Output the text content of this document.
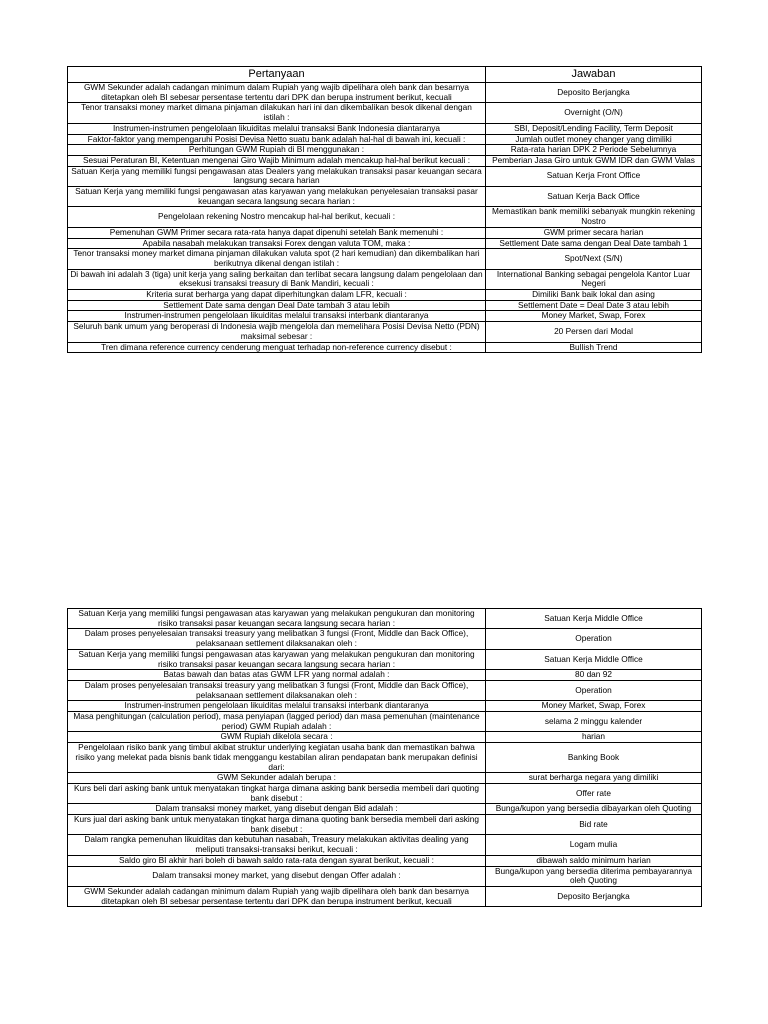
Pertanyaan	Jawaban
GWM Sekunder adalah cadangan minimum dalam Rupiah yang wajib dipelihara oleh bank dan besarnya ditetapkan oleh BI sebesar persentase tertentu dari DPK dan berupa instrument berikut, kecuali	Deposito Berjangka
Tenor transaksi money market dimana pinjaman dilakukan hari ini dan dikembalikan besok dikenal dengan istilah :	Overnight (O/N)
Instrumen-instrumen pengelolaan likuiditas melalui transaksi Bank Indonesia diantaranya	SBI, Deposit/Lending Facility, Term Deposit
Faktor-faktor yang mempengaruhi Posisi Devisa Netto suatu bank adalah hal-hal di bawah ini, kecuali :	Jumlah outlet money changer yang dimiliki
Perhitungan GWM Rupiah di BI menggunakan :	Rata-rata harian DPK 2 Periode Sebelumnya
Sesuai Peraturan BI, Ketentuan mengenai Giro Wajib Minimum adalah mencakup hal-hal berikut kecuali :	Pemberian Jasa Giro untuk GWM IDR dan GWM Valas
Satuan Kerja yang memiliki fungsi pengawasan atas Dealers yang melakukan transaksi pasar keuangan secara langsung secara harian	Satuan Kerja Front Office
Satuan Kerja yang memiliki fungsi pengawasan atas karyawan yang melakukan penyelesaian transaksi pasar keuangan secara langsung secara harian :	Satuan Kerja Back Office
Pengelolaan rekening Nostro mencakup hal-hal berikut, kecuali :	Memastikan bank memiliki sebanyak mungkin rekening Nostro
Pemenuhan GWM Primer secara rata-rata hanya dapat dipenuhi setelah Bank memenuhi :	GWM primer secara harian
Apabila nasabah melakukan transaksi Forex dengan valuta TOM, maka :	Settlement Date sama dengan Deal Date tambah 1
Tenor transaksi money market dimana pinjaman dilakukan valuta spot (2 hari kemudian) dan dikembalikan hari berikutnya dikenal dengan istilah :	Spot/Next (S/N)
Di bawah ini adalah 3 (tiga) unit kerja yang saling berkaitan dan terlibat secara langsung dalam pengelolaan dan eksekusi transaksi treasury di Bank Mandiri, kecuali :	International Banking sebagai pengelola Kantor Luar Negeri
Kriteria surat berharga yang dapat diperhitungkan dalam LFR, kecuali :	Dimiliki Bank baik lokal dan asing
Settlement Date sama dengan Deal Date tambah 3 atau lebih	Settlement Date = Deal Date 3 atau lebih
Instrumen-instrumen pengelolaan likuiditas melalui transaksi interbank diantaranya	Money Market, Swap, Forex
Seluruh bank umum yang beroperasi di Indonesia wajib mengelola dan memelihara Posisi Devisa Netto (PDN) maksimal sebesar :	20 Persen dari Modal
Tren dimana reference currency cenderung menguat terhadap non-reference currency disebut :	Bullish Trend
Satuan Kerja yang memiliki fungsi pengawasan atas karyawan yang melakukan pengukuran dan monitoring risiko transaksi pasar keuangan secara langsung secara harian :	Satuan Kerja Middle Office
Dalam proses penyelesaian transaksi treasury yang melibatkan 3 fungsi (Front, Middle dan Back Office), pelaksanaan settlement dilaksanakan oleh :	Operation
Satuan Kerja yang memiliki fungsi pengawasan atas karyawan yang melakukan pengukuran dan monitoring risiko transaksi pasar keuangan secara langsung secara harian :	Satuan Kerja Middle Office
Batas bawah dan batas atas GWM LFR yang normal adalah :	80 dan 92
Dalam proses penyelesaian transaksi treasury yang melibatkan 3 fungsi (Front, Middle dan Back Office), pelaksanaan settlement dilaksanakan oleh :	Operation
Instrumen-instrumen pengelolaan likuiditas melalui transaksi interbank diantaranya	Money Market, Swap, Forex
Masa penghitungan (calculation period), masa penyiapan (lagged period) dan masa pemenuhan (maintenance period) GWM Rupiah adalah :	selama 2 minggu kalender
GWM Rupiah dikelola secara :	harian
Pengelolaan risiko bank yang timbul akibat struktur underlying kegiatan usaha bank dan memastikan bahwa risiko yang melekat pada bisnis bank tidak menggangu kestabilan aliran pendapatan bank merupakan definisi dari:	Banking Book
GWM Sekunder adalah berupa :	surat berharga negara yang dimiliki
Kurs beli dari asking bank untuk menyatakan tingkat harga dimana asking bank bersedia membeli dari quoting bank disebut :	Offer rate
Dalam transaksi money market, yang disebut dengan Bid adalah :	Bunga/kupon yang bersedia dibayarkan oleh Quoting
Kurs jual dari asking bank untuk menyatakan tingkat harga dimana quoting bank bersedia membeli dari asking bank disebut :	Bid rate
Dalam rangka pemenuhan likuiditas dan kebutuhan nasabah, Treasury melakukan aktivitas dealing yang meliputi transaksi-transaksi berikut, kecuali :	Logam mulia
Saldo giro BI akhir hari boleh di bawah saldo rata-rata dengan syarat berikut, kecuali :	dibawah saldo minimum harian
Dalam transaksi money market, yang disebut dengan Offer adalah :	Bunga/kupon yang bersedia diterima pembayarannya oleh Quoting
GWM Sekunder adalah cadangan minimum dalam Rupiah yang wajib dipelihara oleh bank dan besarnya ditetapkan oleh BI sebesar persentase tertentu dari DPK dan berupa instrument berikut, kecuali	Deposito Berjangka
